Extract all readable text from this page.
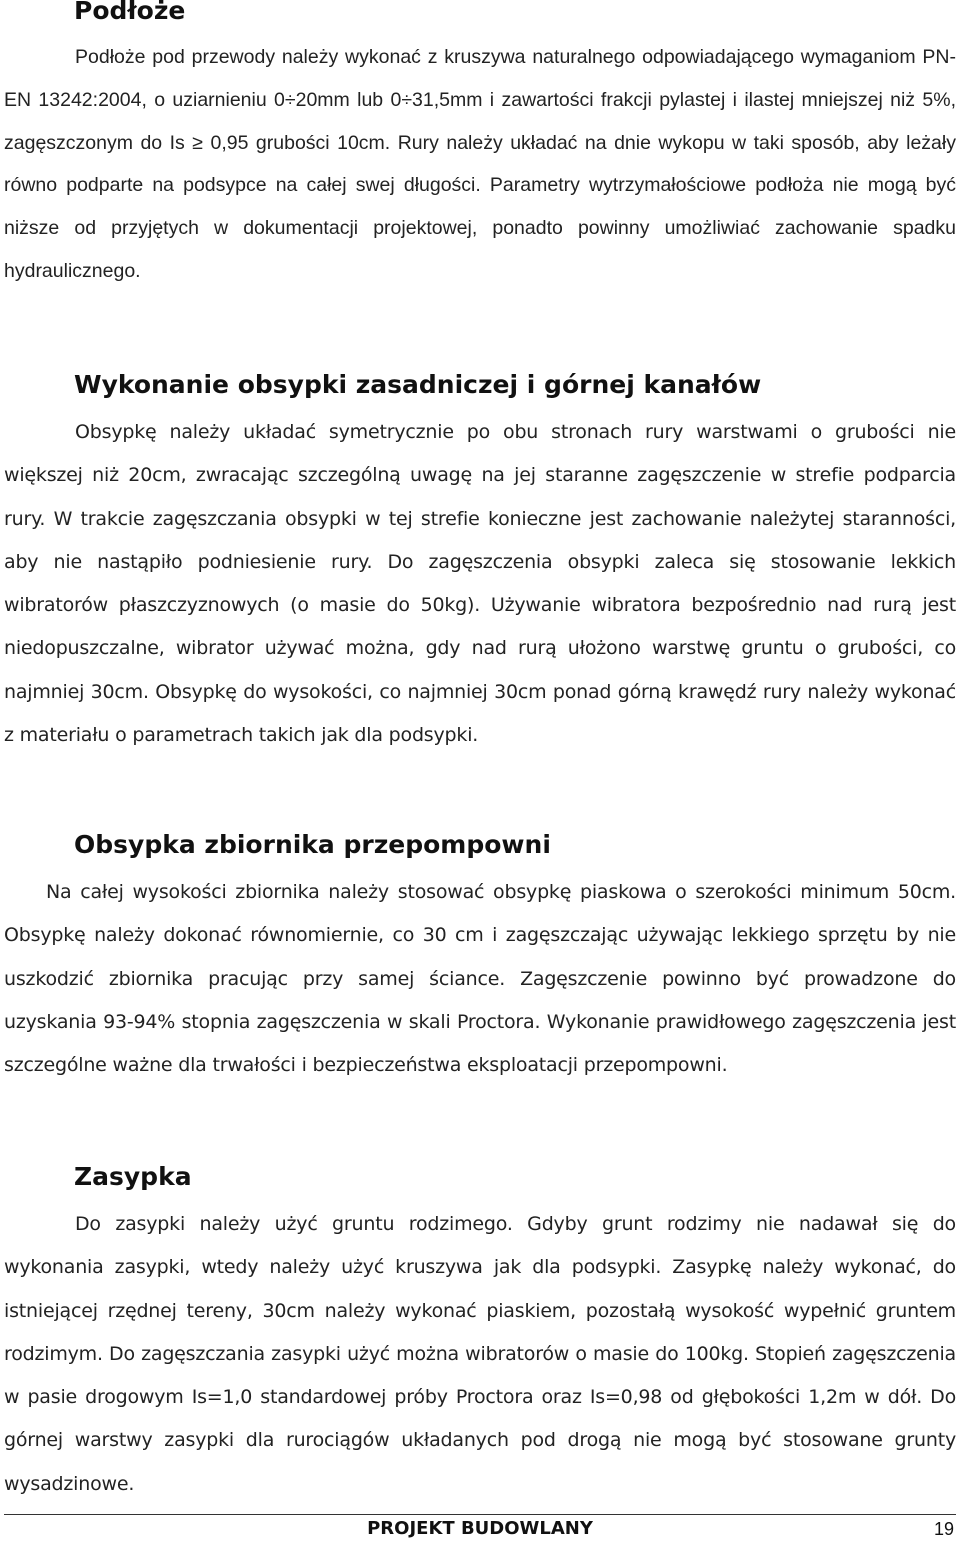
Podłoże

Podłoże pod przewody należy wykonać z kruszywa naturalnego odpowiadającego wymaganiom PN-EN 13242:2004, o uziarnieniu 0÷20mm lub 0÷31,5mm i zawartości frakcji pylastej i ilastej mniejszej niż 5%, zagęszczonym do Is ≥ 0,95 grubości 10cm. Rury należy układać na dnie wykopu w taki sposób, aby leżały równo podparte na podsypce na całej swej długości. Parametry wytrzymałościowe podłoża nie mogą być niższe od przyjętych w dokumentacji projektowej, ponadto powinny umożliwiać zachowanie spadku hydraulicznego.

Wykonanie obsypki zasadniczej i górnej kanałów

Obsypkę należy układać symetrycznie po obu stronach rury warstwami o grubości nie większej niż 20cm, zwracając szczególną uwagę na jej staranne zagęszczenie w strefie podparcia rury. W trakcie zagęszczania obsypki w tej strefie konieczne jest zachowanie należytej staranności, aby nie nastąpiło podniesienie rury. Do zagęszczenia obsypki zaleca się stosowanie lekkich wibratorów płaszczyznowych (o masie do 50kg). Używanie wibratora bezpośrednio nad rurą jest niedopuszczalne, wibrator używać można, gdy nad rurą ułożono warstwę gruntu o grubości, co najmniej 30cm. Obsypkę do wysokości, co najmniej 30cm ponad górną krawędź rury należy wykonać z materiału o parametrach takich jak dla podsypki.

Obsypka zbiornika przepompowni

Na całej wysokości zbiornika należy stosować obsypkę piaskowa o szerokości minimum 50cm. Obsypkę należy dokonać równomiernie, co 30 cm i zagęszczając używając lekkiego sprzętu by nie uszkodzić zbiornika pracując przy samej ściance. Zagęszczenie powinno być prowadzone do uzyskania 93-94% stopnia zagęszczenia w skali Proctora. Wykonanie prawidłowego zagęszczenia jest szczególne ważne dla trwałości i bezpieczeństwa eksploatacji przepompowni.

Zasypka

Do zasypki należy użyć gruntu rodzimego. Gdyby grunt rodzimy nie nadawał się do wykonania zasypki, wtedy należy użyć kruszywa jak dla podsypki. Zasypkę należy wykonać, do istniejącej rzędnej tereny, 30cm należy wykonać piaskiem, pozostałą wysokość wypełnić gruntem rodzimym. Do zagęszczania zasypki użyć można wibratorów o masie do 100kg. Stopień zagęszczenia w pasie drogowym Is=1,0 standardowej próby Proctora oraz Is=0,98 od głębokości 1,2m w dół. Do górnej warstwy zasypki dla rurociągów układanych pod drogą nie mogą być stosowane grunty wysadzinowe.

PROJEKT BUDOWLANY	19
